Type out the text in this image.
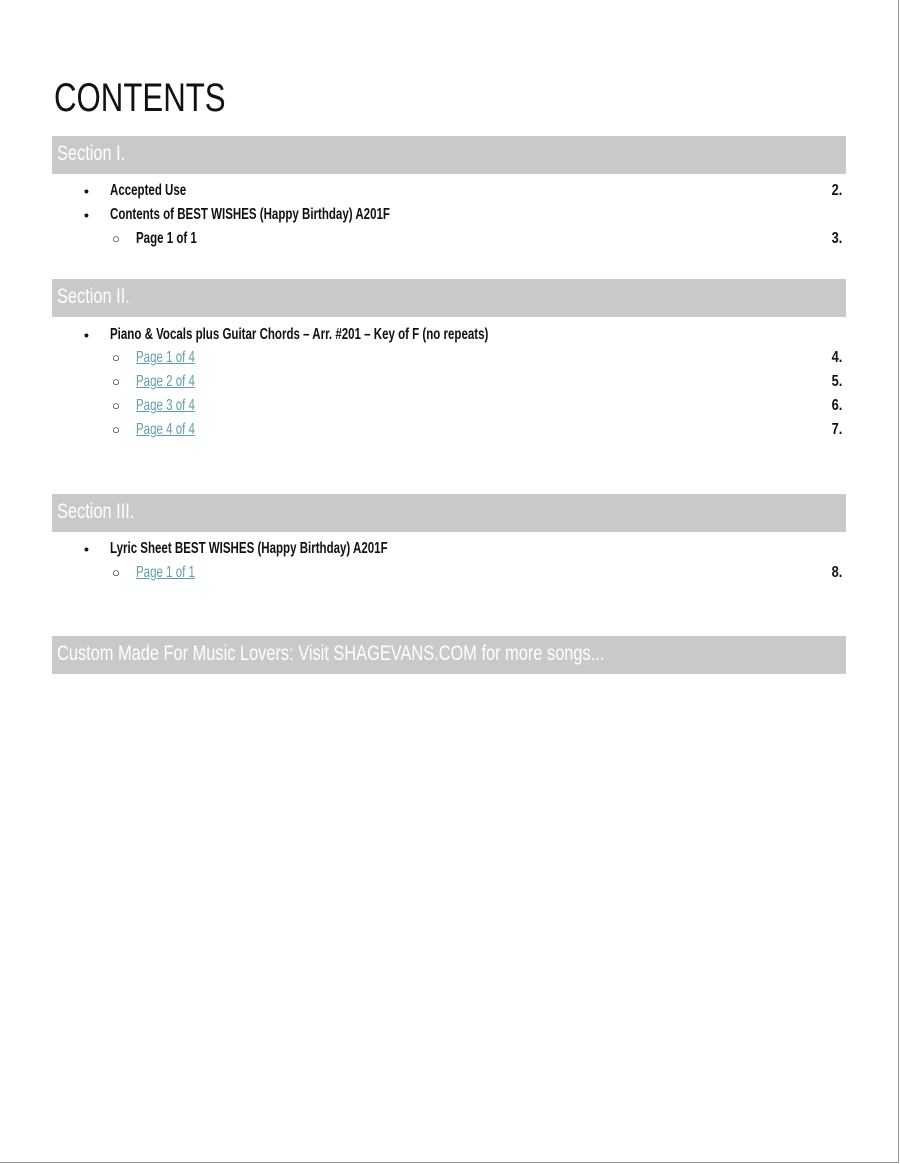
CONTENTS
Section I.
• Accepted Use	2.
• Contents of BEST WISHES (Happy Birthday) A201F
○ Page 1 of 1	3.
Section II.
• Piano & Vocals plus Guitar Chords – Arr. #201 – Key of F (no repeats)
○ Page 1 of 4	4.
○ Page 2 of 4	5.
○ Page 3 of 4	6.
○ Page 4 of 4	7.
Section III.
• Lyric Sheet BEST WISHES (Happy Birthday) A201F
○ Page 1 of 1	8.
Custom Made For Music Lovers: Visit SHAGEVANS.COM for more songs...
